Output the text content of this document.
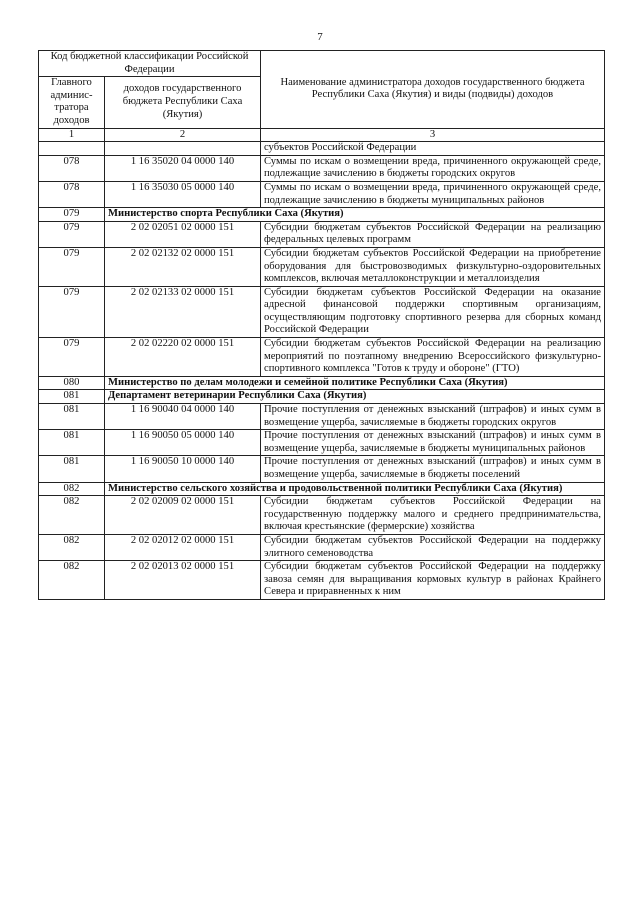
7
Код бюджетной классификации Российской Федерации		Наименование администратора доходов государственного бюджета Республики Саха (Якутия) и виды (подвиды) доходов
Главного админис-тратора доходов	доходов государственного бюджета Республики Саха (Якутия)	
1	2	3
		субъектов Российской Федерации
078	1 16 35020 04 0000 140	Суммы по искам о возмещении вреда, причиненного окружающей среде, подлежащие зачислению в бюджеты городских округов
078	1 16 35030 05 0000 140	Суммы по искам о возмещении вреда, причиненного окружающей среде, подлежащие зачислению в бюджеты муниципальных районов
079	Министерство спорта Республики Саха (Якутия)	
079	2 02 02051 02 0000 151	Субсидии бюджетам субъектов Российской Федерации на реализацию федеральных целевых программ
079	2 02 02132 02 0000 151	Субсидии бюджетам субъектов Российской Федерации на приобретение оборудования для быстровозводимых физкультурно-оздоровительных комплексов, включая металлоконструкции и металлоизделия
079	2 02 02133 02 0000 151	Субсидии бюджетам субъектов Российской Федерации на оказание адресной финансовой поддержки спортивным организациям, осуществляющим подготовку спортивного резерва для сборных команд Российской Федерации
079	2 02 02220 02 0000 151	Субсидии бюджетам субъектов Российской Федерации на реализацию мероприятий по поэтапному внедрению Всероссийского физкультурно-спортивного комплекса "Готов к труду и обороне" (ГТО)
080	Министерство по делам молодежи и семейной политике Республики Саха (Якутия)	
081	Департамент ветеринарии Республики Саха (Якутия)	
081	1 16 90040 04 0000 140	Прочие поступления от денежных взысканий (штрафов) и иных сумм в возмещение ущерба, зачисляемые в бюджеты городских округов
081	1 16 90050 05 0000 140	Прочие поступления от денежных взысканий (штрафов) и иных сумм в возмещение ущерба, зачисляемые в бюджеты муниципальных районов
081	1 16 90050 10 0000 140	Прочие поступления от денежных взысканий (штрафов) и иных сумм в возмещение ущерба, зачисляемые в бюджеты поселений
082	Министерство сельского хозяйства и продовольственной политики Республики Саха (Якутия)	
082	2 02 02009 02 0000 151	Субсидии бюджетам субъектов Российской Федерации на государственную поддержку малого и среднего предпринимательства, включая крестьянские (фермерские) хозяйства
082	2 02 02012 02 0000 151	Субсидии бюджетам субъектов Российской Федерации на поддержку элитного семеноводства
082	2 02 02013 02 0000 151	Субсидии бюджетам субъектов Российской Федерации на поддержку завоза семян для выращивания кормовых культур в районах Крайнего Севера и приравненных к ним
